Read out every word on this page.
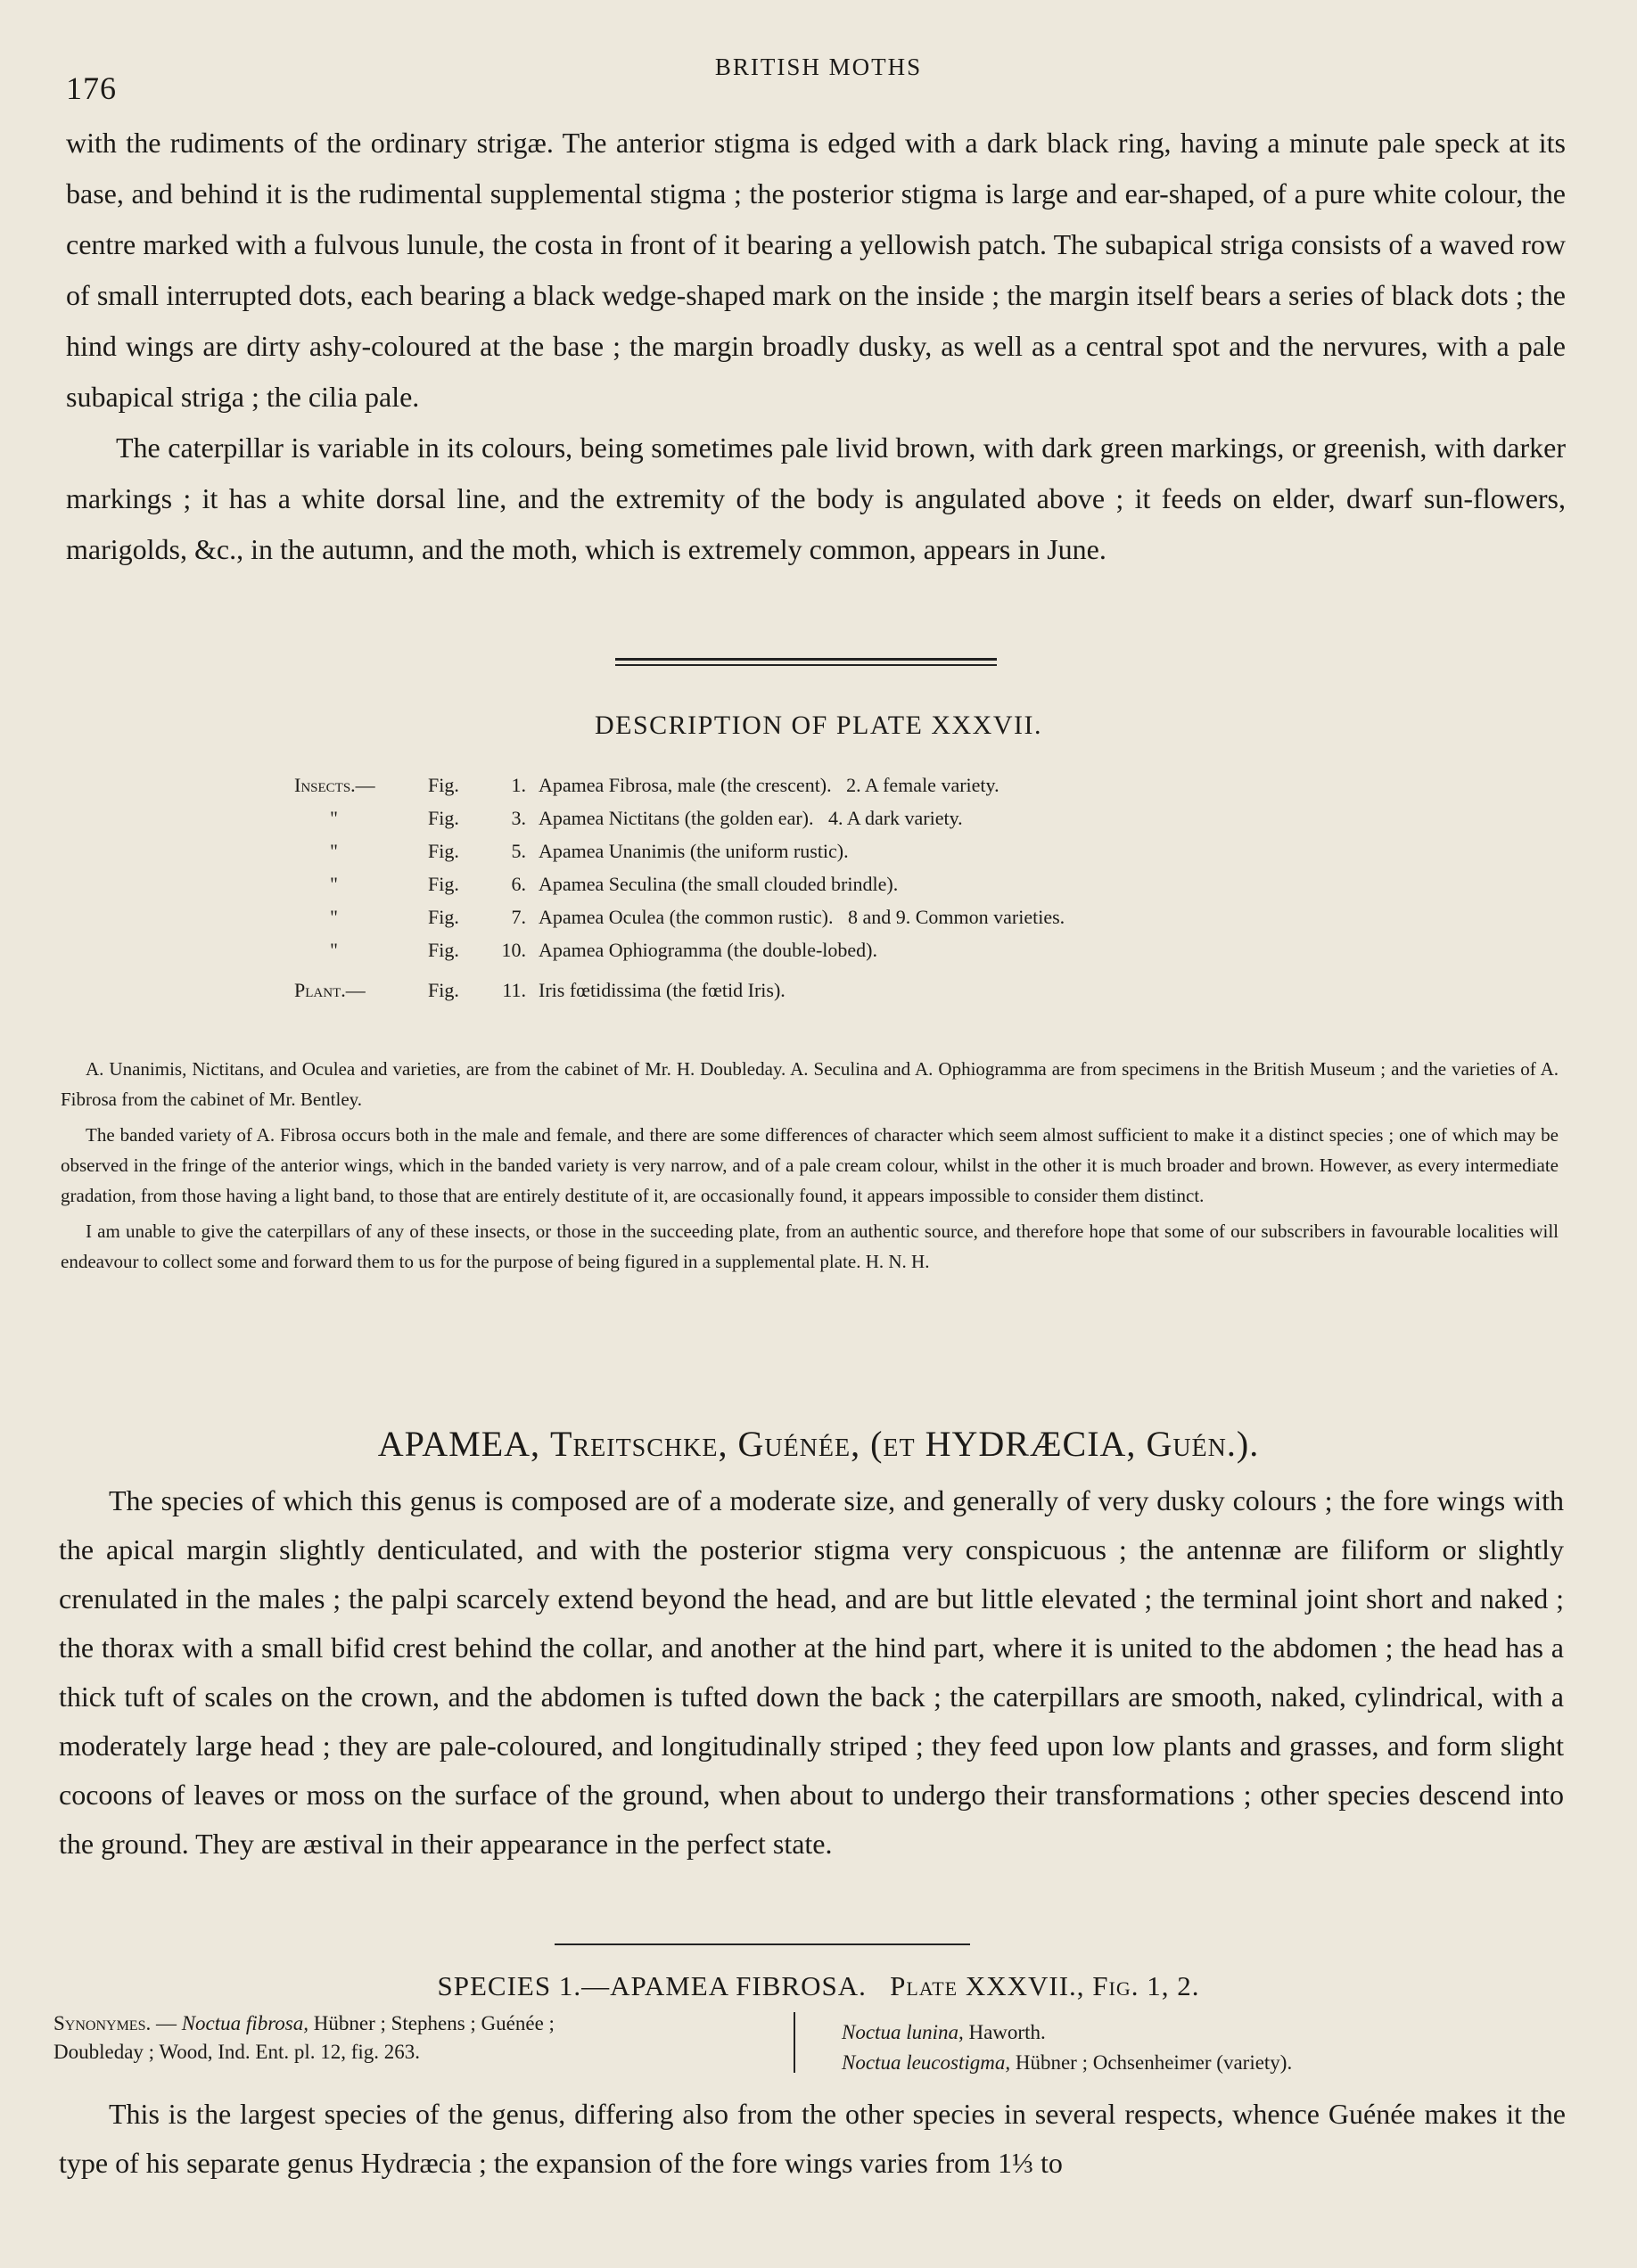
176
BRITISH MOTHS

with the rudiments of the ordinary strigæ. The anterior stigma is edged with a dark black ring, having a minute pale speck at its base, and behind it is the rudimental supplemental stigma ; the posterior stigma is large and ear-shaped, of a pure white colour, the centre marked with a fulvous lunule, the costa in front of it bearing a yellowish patch. The subapical striga consists of a waved row of small interrupted dots, each bearing a black wedge-shaped mark on the inside ; the margin itself bears a series of black dots ; the hind wings are dirty ashy-coloured at the base ; the margin broadly dusky, as well as a central spot and the nervures, with a pale subapical striga ; the cilia pale.

The caterpillar is variable in its colours, being sometimes pale livid brown, with dark green markings, or greenish, with darker markings ; it has a white dorsal line, and the extremity of the body is angulated above ; it feeds on elder, dwarf sun-flowers, marigolds, &c., in the autumn, and the moth, which is extremely common, appears in June.

DESCRIPTION OF PLATE XXXVII.
Insects.—	Fig.	1. Apamea Fibrosa, male (the crescent).   2. A female variety.
"	Fig.	3. Apamea Nictitans (the golden ear).   4. A dark variety.
"	Fig.	5. Apamea Unanimis (the uniform rustic).
"	Fig.	6. Apamea Seculina (the small clouded brindle).
"	Fig.	7. Apamea Oculea (the common rustic).   8 and 9. Common varieties.
"	Fig.	10. Apamea Ophiogramma (the double-lobed).
Plant.—	Fig.	11. Iris fœtidissima (the fœtid Iris).

A. Unanimis, Nictitans, and Oculea and varieties, are from the cabinet of Mr. H. Doubleday. A. Seculina and A. Ophiogramma are from specimens in the British Museum ; and the varieties of A. Fibrosa from the cabinet of Mr. Bentley.

The banded variety of A. Fibrosa occurs both in the male and female, and there are some differences of character which seem almost sufficient to make it a distinct species ; one of which may be observed in the fringe of the anterior wings, which in the banded variety is very narrow, and of a pale cream colour, whilst in the other it is much broader and brown. However, as every intermediate gradation, from those having a light band, to those that are entirely destitute of it, are occasionally found, it appears impossible to consider them distinct.

I am unable to give the caterpillars of any of these insects, or those in the succeeding plate, from an authentic source, and therefore hope that some of our subscribers in favourable localities will endeavour to collect some and forward them to us for the purpose of being figured in a supplemental plate. H. N. H.

APAMEA, Treitschke, Guénée, (et HYDRÆCIA, Guén.).

The species of which this genus is composed are of a moderate size, and generally of very dusky colours ; the fore wings with the apical margin slightly denticulated, and with the posterior stigma very conspicuous ; the antennæ are filiform or slightly crenulated in the males ; the palpi scarcely extend beyond the head, and are but little elevated ; the terminal joint short and naked ; the thorax with a small bifid crest behind the collar, and another at the hind part, where it is united to the abdomen ; the head has a thick tuft of scales on the crown, and the abdomen is tufted down the back ; the caterpillars are smooth, naked, cylindrical, with a moderately large head ; they are pale-coloured, and longitudinally striped ; they feed upon low plants and grasses, and form slight cocoons of leaves or moss on the surface of the ground, when about to undergo their transformations ; other species descend into the ground. They are æstival in their appearance in the perfect state.

SPECIES 1.—APAMEA FIBROSA. Plate XXXVII., Fig. 1, 2.
Synonymes. — Noctua fibrosa, Hübner ; Stephens ; Guénée ;
Doubleday ; Wood, Ind. Ent. pl. 12, fig. 263.
Noctua lunina, Haworth.
Noctua leucostigma, Hübner ; Ochsenheimer (variety).

This is the largest species of the genus, differing also from the other species in several respects, whence Guénée makes it the type of his separate genus Hydræcia ; the expansion of the fore wings varies from 1⅓ to
